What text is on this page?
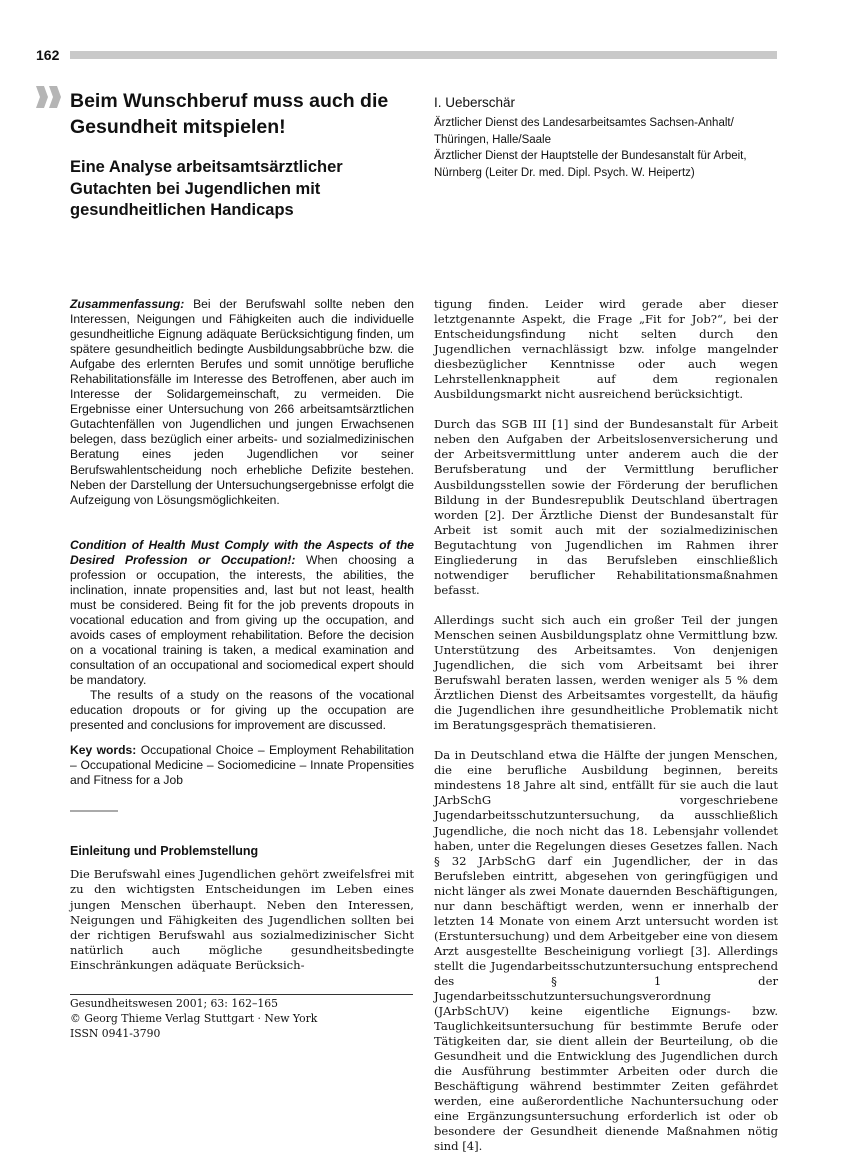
162
Beim Wunschberuf muss auch die Gesundheit mitspielen!
Eine Analyse arbeitsamtsärztlicher Gutachten bei Jugendlichen mit gesundheitlichen Handicaps
I. Ueberschär
Ärztlicher Dienst des Landesarbeitsamtes Sachsen-Anhalt/ Thüringen, Halle/Saale
Ärztlicher Dienst der Hauptstelle der Bundesanstalt für Arbeit, Nürnberg (Leiter Dr. med. Dipl. Psych. W. Heipertz)

Zusammenfassung: Bei der Berufswahl sollte neben den Interessen, Neigungen und Fähigkeiten auch die individuelle gesundheitliche Eignung adäquate Berücksichtigung finden, um spätere gesundheitlich bedingte Ausbildungsabbrüche bzw. die Aufgabe des erlernten Berufes und somit unnötige berufliche Rehabilitationsfälle im Interesse des Betroffenen, aber auch im Interesse der Solidargemeinschaft, zu vermeiden. Die Ergebnisse einer Untersuchung von 266 arbeitsamtsärztlichen Gutachtenfällen von Jugendlichen und jungen Erwachsenen belegen, dass bezüglich einer arbeits- und sozialmedizinischen Beratung eines jeden Jugendlichen vor seiner Berufswahlentscheidung noch erhebliche Defizite bestehen. Neben der Darstellung der Untersuchungsergebnisse erfolgt die Aufzeigung von Lösungsmöglichkeiten.

Condition of Health Must Comply with the Aspects of the Desired Profession or Occupation!: When choosing a profession or occupation, the interests, the abilities, the inclination, innate propensities and, last but not least, health must be considered. Being fit for the job prevents dropouts in vocational education and from giving up the occupation, and avoids cases of employment rehabilitation. Before the decision on a vocational training is taken, a medical examination and consultation of an occupational and sociomedical expert should be mandatory.

The results of a study on the reasons of the vocational education dropouts or for giving up the occupation are presented and conclusions for improvement are discussed.

Key words: Occupational Choice – Employment Rehabilitation – Occupational Medicine – Sociomedicine – Innate Propensities and Fitness for a Job

Einleitung und Problemstellung

Die Berufswahl eines Jugendlichen gehört zweifelsfrei mit zu den wichtigsten Entscheidungen im Leben eines jungen Menschen überhaupt. Neben den Interessen, Neigungen und Fähigkeiten des Jugendlichen sollten bei der richtigen Berufswahl aus sozialmedizinischer Sicht natürlich auch mögliche gesundheitsbedingte Einschränkungen adäquate Berücksich-

tigung finden. Leider wird gerade aber dieser letztgenannte Aspekt, die Frage „Fit for Job?“, bei der Entscheidungsfindung nicht selten durch den Jugendlichen vernachlässigt bzw. infolge mangelnder diesbezüglicher Kenntnisse oder auch wegen Lehrstellenknappheit auf dem regionalen Ausbildungsmarkt nicht ausreichend berücksichtigt.

Durch das SGB III [1] sind der Bundesanstalt für Arbeit neben den Aufgaben der Arbeitslosenversicherung und der Arbeitsvermittlung unter anderem auch die der Berufsberatung und der Vermittlung beruflicher Ausbildungsstellen sowie der Förderung der beruflichen Bildung in der Bundesrepublik Deutschland übertragen worden [2]. Der Ärztliche Dienst der Bundesanstalt für Arbeit ist somit auch mit der sozialmedizinischen Begutachtung von Jugendlichen im Rahmen ihrer Eingliederung in das Berufsleben einschließlich notwendiger beruflicher Rehabilitationsmaßnahmen befasst.

Allerdings sucht sich auch ein großer Teil der jungen Menschen seinen Ausbildungsplatz ohne Vermittlung bzw. Unterstützung des Arbeitsamtes. Von denjenigen Jugendlichen, die sich vom Arbeitsamt bei ihrer Berufswahl beraten lassen, werden weniger als 5 % dem Ärztlichen Dienst des Arbeitsamtes vorgestellt, da häufig die Jugendlichen ihre gesundheitliche Problematik nicht im Beratungsgespräch thematisieren.

Da in Deutschland etwa die Hälfte der jungen Menschen, die eine berufliche Ausbildung beginnen, bereits mindestens 18 Jahre alt sind, entfällt für sie auch die laut JArbSchG vorgeschriebene Jugendarbeitsschutzuntersuchung, da ausschließlich Jugendliche, die noch nicht das 18. Lebensjahr vollendet haben, unter die Regelungen dieses Gesetzes fallen. Nach § 32 JArbSchG darf ein Jugendlicher, der in das Berufsleben eintritt, abgesehen von geringfügigen und nicht länger als zwei Monate dauernden Beschäftigungen, nur dann beschäftigt werden, wenn er innerhalb der letzten 14 Monate von einem Arzt untersucht worden ist (Erstuntersuchung) und dem Arbeitgeber eine von diesem Arzt ausgestellte Bescheinigung vorliegt [3]. Allerdings stellt die Jugendarbeitsschutzuntersuchung entsprechend des § 1 der Jugendarbeitsschutzuntersuchungsverordnung (JArbSchUV) keine eigentliche Eignungs- bzw. Tauglichkeitsuntersuchung für bestimmte Berufe oder Tätigkeiten dar, sie dient allein der Beurteilung, ob die Gesundheit und die Entwicklung des Jugendlichen durch die Ausführung bestimmter Arbeiten oder durch die Beschäftigung während bestimmter Zeiten gefährdet werden, eine außerordentliche Nachuntersuchung oder eine Ergänzungsuntersuchung erforderlich ist oder ob besondere der Gesundheit dienende Maßnahmen nötig sind [4].

Gesundheitswesen 2001; 63: 162–165
© Georg Thieme Verlag Stuttgart · New York
ISSN 0941-3790
